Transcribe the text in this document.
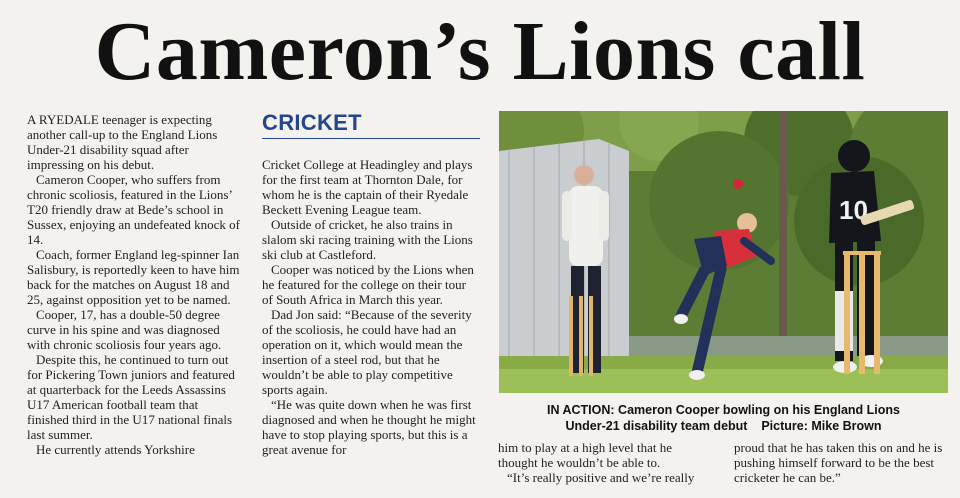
Cameron’s Lions call

A RYEDALE teenager is expecting another call-up to the England Lions Under-21 disability squad after impressing on his debut.

Cameron Cooper, who suffers from chronic scoliosis, featured in the Lions’ T20 friendly draw at Bede’s school in Sussex, enjoying an undefeated knock of 14.

Coach, former England leg-spinner Ian Salisbury, is reportedly keen to have him back for the matches on August 18 and 25, against opposition yet to be named.

Cooper, 17, has a double-50 degree curve in his spine and was diagnosed with chronic scoliosis four years ago.

Despite this, he continued to turn out for Pickering Town juniors and featured at quarterback for the Leeds Assassins U17 American football team that finished third in the U17 national finals last summer.

He currently attends Yorkshire

CRICKET

Cricket College at Headingley and plays for the first team at Thornton Dale, for whom he is the captain of their Ryedale Beckett Evening League team.

Outside of cricket, he also trains in slalom ski racing training with the Lions ski club at Castleford.

Cooper was noticed by the Lions when he featured for the college on their tour of South Africa in March this year.

Dad Jon said: “Because of the severity of the scoliosis, he could have had an operation on it, which would mean the insertion of a steel rod, but that he wouldn’t be able to play competitive sports again.

“He was quite down when he was first diagnosed and when he thought he might have to stop playing sports, but this is a great avenue for

10
IN ACTION: Cameron Cooper bowling on his England Lions
Under-21 disability team debut    Picture: Mike Brown

him to play at a high level that he thought he wouldn’t be able to.

“It’s really positive and we’re really

proud that he has taken this on and he is pushing himself forward to be the best cricketer he can be.”
